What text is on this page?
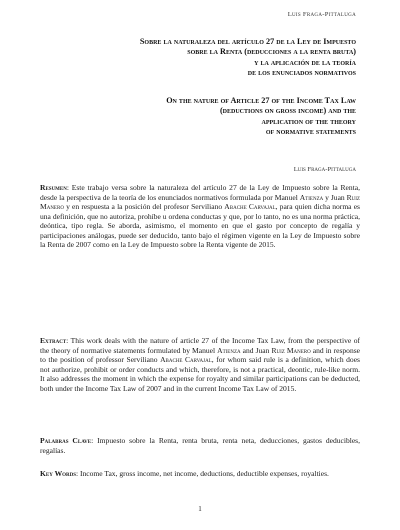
Luis Fraga-Pittaluga
Sobre la naturaleza del artículo 27 de la Ley de Impuesto
sobre la Renta (deducciones a la renta bruta)
y la aplicación de la teoría
de los enunciados normativos
On the nature of Article 27 of the Income Tax Law
(deductions on gross income) and the
application of the theory
of normative statements
Luis Fraga-Pittaluga

Resumen: Este trabajo versa sobre la naturaleza del artículo 27 de la Ley de Impuesto sobre la Renta, desde la perspectiva de la teoría de los enunciados normativos formulada por Manuel Atienza y Juan Ruiz Manero y en respuesta a la posición del profesor Serviliano Abache Carvajal, para quien dicha norma es una definición, que no autoriza, prohíbe u ordena conductas y que, por lo tanto, no es una norma práctica, deóntica, tipo regla. Se aborda, asimismo, el momento en que el gasto por concepto de regalía y participaciones análogas, puede ser deducido, tanto bajo el régimen vigente en la Ley de Impuesto sobre la Renta de 2007 como en la Ley de Impuesto sobre la Renta vigente de 2015.

Extract: This work deals with the nature of article 27 of the Income Tax Law, from the perspective of the theory of normative statements formulated by Manuel Atienza and Juan Ruiz Manero and in response to the position of professor Serviliano Abache Carvajal, for whom said rule is a definition, which does not authorize, prohibit or order conducts and which, therefore, is not a practical, deontic, rule-like norm. It also addresses the moment in which the expense for royalty and similar participations can be deducted, both under the Income Tax Law of 2007 and in the current Income Tax Law of 2015.

Palabras Clave: Impuesto sobre la Renta, renta bruta, renta neta, deducciones, gastos deducibles, regalías.

Key Words: Income Tax, gross income, net income, deductions, deductible expenses, royalties.

1
